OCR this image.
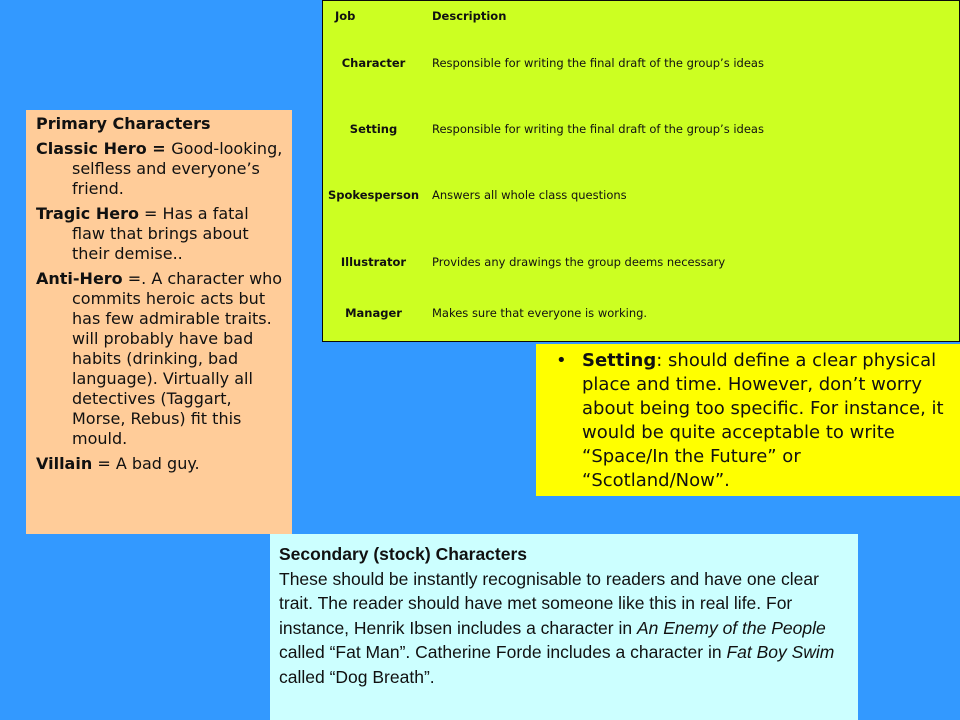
Primary Characters
Classic Hero = Good-looking, selfless and everyone’s friend.
Tragic Hero = Has a fatal flaw that brings about their demise..
Anti-Hero =. A character who commits heroic acts but has few admirable traits. will probably have bad habits (drinking, bad language). Virtually all detectives (Taggart, Morse, Rebus) fit this mould.
Villain = A bad guy.
Job	Description
Character	Responsible for writing the final draft of the group’s ideas
Setting	Responsible for writing the final draft of the group’s ideas
Spokesperson	Answers all whole class questions
Illustrator	Provides any drawings the group deems necessary
Manager	Makes sure that everyone is working.
• Setting: should define a clear physical place and time. However, don’t worry about being too specific. For instance, it would be quite acceptable to write “Space/In the Future” or “Scotland/Now”.
Secondary (stock) Characters
These should be instantly recognisable to readers and have one clear trait. The reader should have met someone like this in real life. For instance, Henrik Ibsen includes a character in An Enemy of the People called “Fat Man”. Catherine Forde includes a character in Fat Boy Swim called “Dog Breath”.
